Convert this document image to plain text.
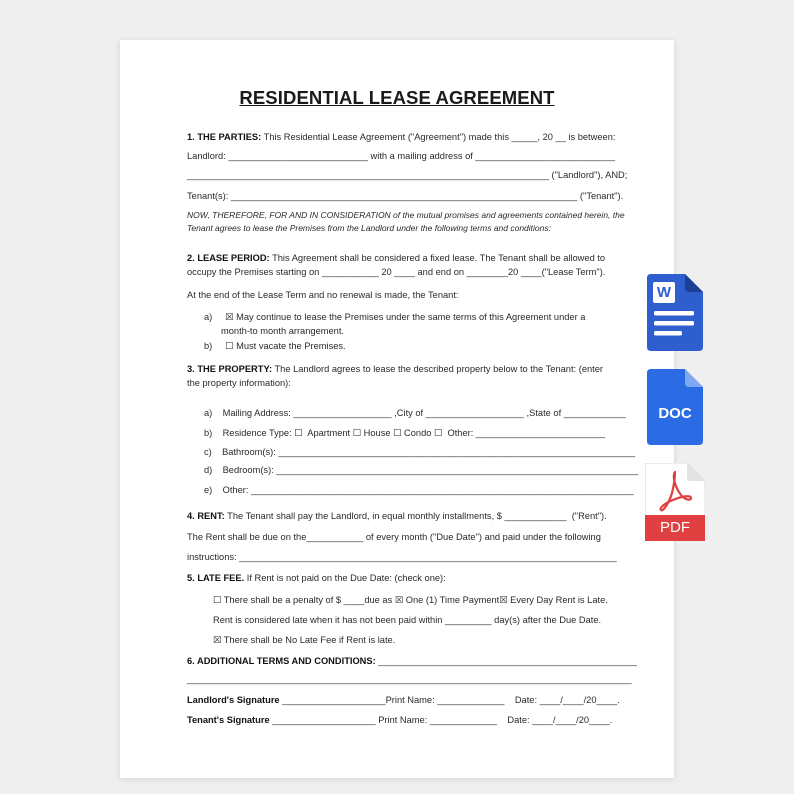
RESIDENTIAL LEASE AGREEMENT
1. THE PARTIES: This Residential Lease Agreement ("Agreement") made this _____, 20 __ is between:
Landlord: ___________________________ with a mailing address of ___________________________
______________________________________________________________________ ("Landlord"), AND;
Tenant(s): ___________________________________________________________________ ("Tenant").
NOW, THEREFORE, FOR AND IN CONSIDERATION of the mutual promises and agreements contained herein, the
Tenant agrees to lease the Premises from the Landlord under the following terms and conditions:
2. LEASE PERIOD: This Agreement shall be considered a fixed lease. The Tenant shall be allowed to
occupy the Premises starting on ___________ 20 ____ and end on ________20 ____("Lease Term").
At the end of the Lease Term and no renewal is made, the Tenant:
a)     ☒ May continue to lease the Premises under the same terms of this Agreement under a
month-to month arrangement.
b)     ☐ Must vacate the Premises.
3. THE PROPERTY: The Landlord agrees to lease the described property below to the Tenant: (enter
the property information):
a)    Mailing Address: ___________________ ,City of ___________________ ,State of ____________
b)    Residence Type: ☐  Apartment ☐ House ☐ Condo ☐  Other: _________________________
c)    Bathroom(s): _____________________________________________________________________
d)    Bedroom(s): ______________________________________________________________________
e)    Other: __________________________________________________________________________
4. RENT: The Tenant shall pay the Landlord, in equal monthly installments, $ ____________  ("Rent").
The Rent shall be due on the___________ of every month ("Due Date") and paid under the following
instructions: _________________________________________________________________________
5. LATE FEE. If Rent is not paid on the Due Date: (check one):
☐ There shall be a penalty of $ ____due as ☒ One (1) Time Payment☒ Every Day Rent is Late.
Rent is considered late when it has not been paid within _________ day(s) after the Due Date.
☒ There shall be No Late Fee if Rent is late.
6. ADDITIONAL TERMS AND CONDITIONS: __________________________________________________
______________________________________________________________________________________
Landlord's Signature ____________________Print Name: _____________    Date: ____/____/20____.
Tenant's Signature ____________________ Print Name: _____________    Date: ____/____/20____.
W
DOC
PDF
